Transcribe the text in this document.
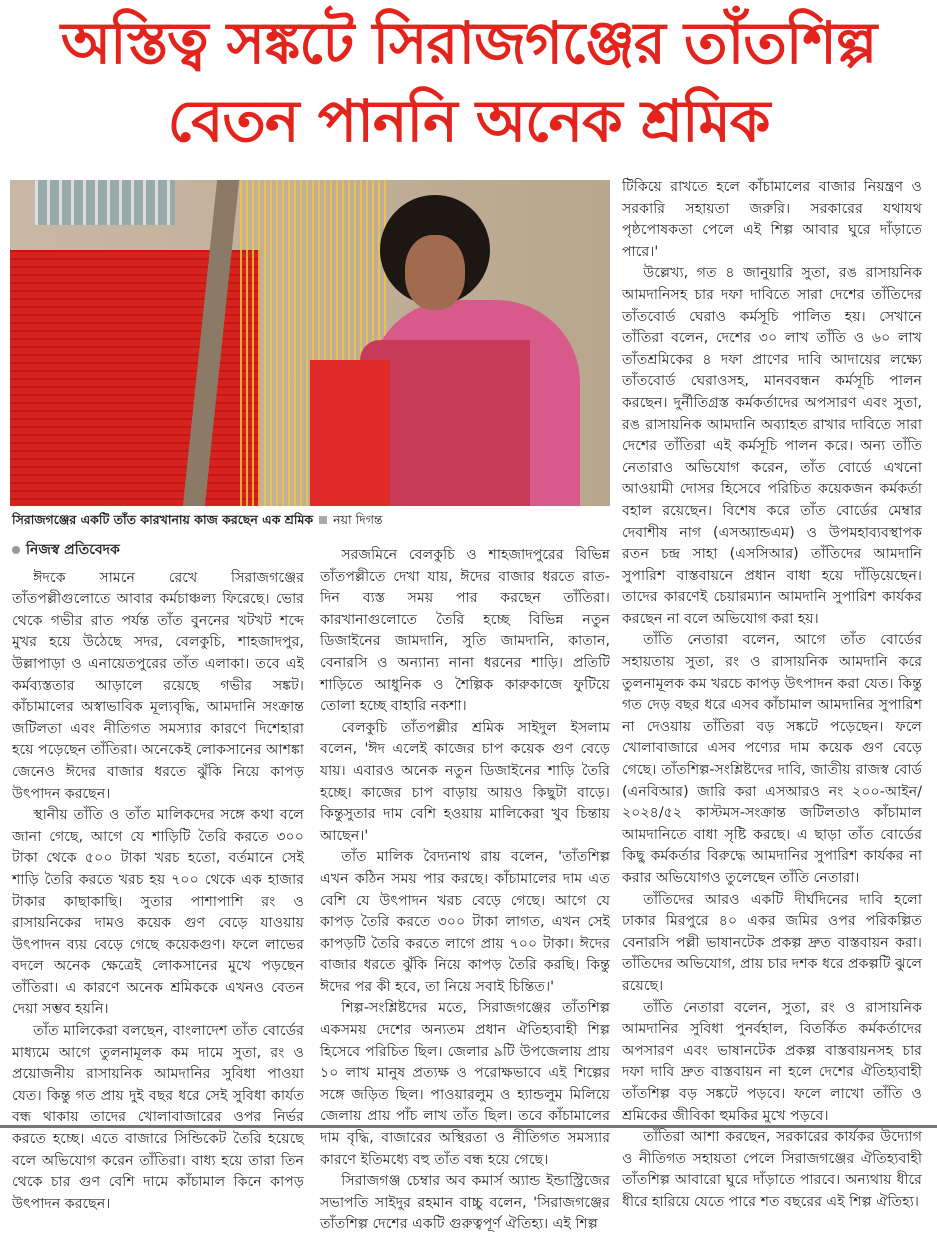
অস্তিত্ব সঙ্কটে সিরাজগঞ্জের তাঁতশিল্প
বেতন পাননি অনেক শ্রমিক
সিরাজগঞ্জের একটি তাঁত কারখানায় কাজ করছেন এক শ্রমিক নয়া দিগন্ত
নিজস্ব প্রতিবেদক

ঈদকে সামনে রেখে সিরাজগঞ্জের তাঁতপল্লীগুলোতে আবার কর্মচাঞ্চল্য ফিরেছে। ভোর থেকে গভীর রাত পর্যন্ত তাঁত বুননের খটখট শব্দে মুখর হয়ে উঠেছে সদর, বেলকুচি, শাহজাদপুর, উল্লাপাড়া ও এনায়েতপুরের তাঁত এলাকা। তবে এই কর্মব্যস্ততার আড়ালে রয়েছে গভীর সঙ্কট। কাঁচামালের অস্বাভাবিক মূল্যবৃদ্ধি, আমদানি সংক্রান্ত জটিলতা এবং নীতিগত সমস্যার কারণে দিশেহারা হয়ে পড়েছেন তাঁতিরা। অনেকেই লোকসানের আশঙ্কা জেনেও ঈদের বাজার ধরতে ঝুঁকি নিয়ে কাপড় উৎপাদন করছেন।

স্থানীয় তাঁতি ও তাঁত মালিকদের সঙ্গে কথা বলে জানা গেছে, আগে যে শাড়িটি তৈরি করতে ৩০০ টাকা থেকে ৫০০ টাকা খরচ হতো, বর্তমানে সেই শাড়ি তৈরি করতে খরচ হয় ৭০০ থেকে এক হাজার টাকার কাছাকাছি। সুতার পাশাপাশি রং ও রাসায়নিকের দামও কয়েক গুণ বেড়ে যাওয়ায় উৎপাদন ব্যয় বেড়ে গেছে কয়েকগুণ। ফলে লাভের বদলে অনেক ক্ষেত্রেই লোকসানের মুখে পড়ছেন তাঁতিরা। এ কারণে অনেক শ্রমিককে এখনও বেতন দেয়া সম্ভব হয়নি।

তাঁত মালিকেরা বলছেন, বাংলাদেশ তাঁত বোর্ডের মাধ্যমে আগে তুলনামূলক কম দামে সুতা, রং ও প্রয়োজনীয় রাসায়নিক আমদানির সুবিধা পাওয়া যেত। কিন্তু গত প্রায় দুই বছর ধরে সেই সুবিধা কার্যত বন্ধ থাকায় তাদের খোলাবাজারের ওপর নির্ভর করতে হচ্ছে। এতে বাজারে সিন্ডিকেট তৈরি হয়েছে বলে অভিযোগ করেন তাঁতিরা। বাধ্য হয়ে তারা তিন থেকে চার গুণ বেশি দামে কাঁচামাল কিনে কাপড় উৎপাদন করছেন।

সরজমিনে বেলকুচি ও শাহজাদপুরের বিভিন্ন তাঁতপল্লীতে দেখা যায়, ঈদের বাজার ধরতে রাত-দিন ব্যস্ত সময় পার করছেন তাঁতিরা। কারখানাগুলোতে তৈরি হচ্ছে বিভিন্ন নতুন ডিজাইনের জামদানি, সুতি জামদানি, কাতান, বেনারসি ও অন্যান্য নানা ধরনের শাড়ি। প্রতিটি শাড়িতে আধুনিক ও শৈল্পিক কারুকাজে ফুটিয়ে তোলা হচ্ছে বাহারি নকশা।

বেলকুচি তাঁতপল্লীর শ্রমিক সাইদুল ইসলাম বলেন, 'ঈদ এলেই কাজের চাপ কয়েক গুণ বেড়ে যায়। এবারও অনেক নতুন ডিজাইনের শাড়ি তৈরি হচ্ছে। কাজের চাপ বাড়ায় আয়ও কিছুটা বাড়ে। কিন্তুসুতার দাম বেশি হওয়ায় মালিকেরা খুব চিন্তায় আছেন।'

তাঁত মালিক বৈদ্যনাথ রায় বলেন, 'তাঁতশিল্প এখন কঠিন সময় পার করছে। কাঁচামালের দাম এত বেশি যে উৎপাদন খরচ বেড়ে গেছে। আগে যে কাপড় তৈরি করতে ৩০০ টাকা লাগত, এখন সেই কাপড়টি তৈরি করতে লাগে প্রায় ৭০০ টাকা। ঈদের বাজার ধরতে ঝুঁকি নিয়ে কাপড় তৈরি করছি। কিন্তু ঈদের পর কী হবে, তা নিয়ে সবাই চিন্তিত।'

শিল্প-সংশ্লিষ্টদের মতে, সিরাজগঞ্জের তাঁতশিল্প একসময় দেশের অন্যতম প্রধান ঐতিহ্যবাহী শিল্প হিসেবে পরিচিত ছিল। জেলার ৯টি উপজেলায় প্রায় ১০ লাখ মানুষ প্রত্যক্ষ ও পরোক্ষভাবে এই শিল্পের সঙ্গে জড়িত ছিল। পাওয়ারলুম ও হ্যান্ডলুম মিলিয়ে জেলায় প্রায় পাঁচ লাখ তাঁত ছিল। তবে কাঁচামালের দাম বৃদ্ধি, বাজারের অস্থিরতা ও নীতিগত সমস্যার কারণে ইতিমধ্যে বহু তাঁত বন্ধ হয়ে গেছে।

সিরাজগঞ্জ চেম্বার অব কমার্স অ্যান্ড ইন্ডাস্ট্রিজের সভাপতি সাইদুর রহমান বাচ্চু বলেন, 'সিরাজগঞ্জের তাঁতশিল্প দেশের একটি গুরুত্বপূর্ণ ঐতিহ্য। এই শিল্প

টিকিয়ে রাখতে হলে কাঁচামালের বাজার নিয়ন্ত্রণ ও সরকারি সহায়তা জরুরি। সরকারের যথাযথ পৃষ্ঠপোষকতা পেলে এই শিল্প আবার ঘুরে দাঁড়াতে পারে।'

উল্লেখ্য, গত ৪ জানুয়ারি সুতা, রঙ রাসায়নিক আমদানিসহ চার দফা দাবিতে সারা দেশের তাঁতিদের তাঁতবোর্ড ঘেরাও কর্মসূচি পালিত হয়। সেখানে তাঁতিরা বলেন, দেশের ৩০ লাখ তাঁতি ও ৬০ লাখ তাঁতশ্রমিকের ৪ দফা প্রাণের দাবি আদায়ের লক্ষ্যে তাঁতবোর্ড ঘেরাওসহ, মানববন্ধন কর্মসূচি পালন করছেন। দুর্নীতিগ্রস্ত কর্মকর্তাদের অপসারণ এবং সুতা, রঙ রাসায়নিক আমদানি অব্যাহত রাখার দাবিতে সারা দেশের তাঁতিরা এই কর্মসূচি পালন করে। অন্য তাঁতি নেতারাও অভিযোগ করেন, তাঁত বোর্ডে এখনো আওয়ামী দোসর হিসেবে পরিচিত কয়েকজন কর্মকর্তা বহাল রয়েছেন। বিশেষ করে তাঁত বোর্ডের মেম্বার দেবাশীষ নাগ (এসঅ্যান্ডএম) ও উপমহাব্যবস্থাপক রতন চন্দ্র সাহা (এসসিআর) তাঁতিদের আমদানি সুপারিশ বাস্তবায়নে প্রধান বাধা হয়ে দাঁড়িয়েছেন। তাদের কারণেই চেয়ারম্যান আমদানি সুপারিশ কার্যকর করছেন না বলে অভিযোগ করা হয়।

তাঁতি নেতারা বলেন, আগে তাঁত বোর্ডের সহায়তায় সুতা, রং ও রাসায়নিক আমদানি করে তুলনামূলক কম খরচে কাপড় উৎপাদন করা যেত। কিন্তু গত দেড় বছর ধরে এসব কাঁচামাল আমদানির সুপারিশ না দেওয়ায় তাঁতিরা বড় সঙ্কটে পড়েছেন। ফলে খোলাবাজারে এসব পণ্যের দাম কয়েক গুণ বেড়ে গেছে। তাঁতশিল্প-সংশ্লিষ্টদের দাবি, জাতীয় রাজস্ব বোর্ড (এনবিআর) জারি করা এসআরও নং ২০০-আইন/২০২৪/৫২ কাস্টমস-সংক্রান্ত জটিলতাও কাঁচামাল আমদানিতে বাধা সৃষ্টি করছে। এ ছাড়া তাঁত বোর্ডের কিছু কর্মকর্তার বিরুদ্ধে আমদানির সুপারিশ কার্যকর না করার অভিযোগও তুলেছেন তাঁতি নেতারা।

তাঁতিদের আরও একটি দীর্ঘদিনের দাবি হলো ঢাকার মিরপুরে ৪০ একর জমির ওপর পরিকল্পিত বেনারসি পল্লী ভাষানটেক প্রকল্প দ্রুত বাস্তবায়ন করা। তাঁতিদের অভিযোগ, প্রায় চার দশক ধরে প্রকল্পটি ঝুলে রয়েছে।

তাঁতি নেতারা বলেন, সুতা, রং ও রাসায়নিক আমদানির সুবিধা পুনর্বহাল, বিতর্কিত কর্মকর্তাদের অপসারণ এবং ভাষানটেক প্রকল্প বাস্তবায়নসহ চার দফা দাবি দ্রুত বাস্তবায়ন না হলে দেশের ঐতিহ্যবাহী তাঁতশিল্প বড় সঙ্কটে পড়বে। ফলে লাখো তাঁতি ও শ্রমিকের জীবিকা হুমকির মুখে পড়বে।

তাঁতিরা আশা করছেন, সরকারের কার্যকর উদ্যোগ ও নীতিগত সহায়তা পেলে সিরাজগঞ্জের ঐতিহ্যবাহী তাঁতশিল্প আবারো ঘুরে দাঁড়াতে পারবে। অন্যথায় ধীরে ধীরে হারিয়ে যেতে পারে শত বছরের এই শিল্প ঐতিহ্য।
